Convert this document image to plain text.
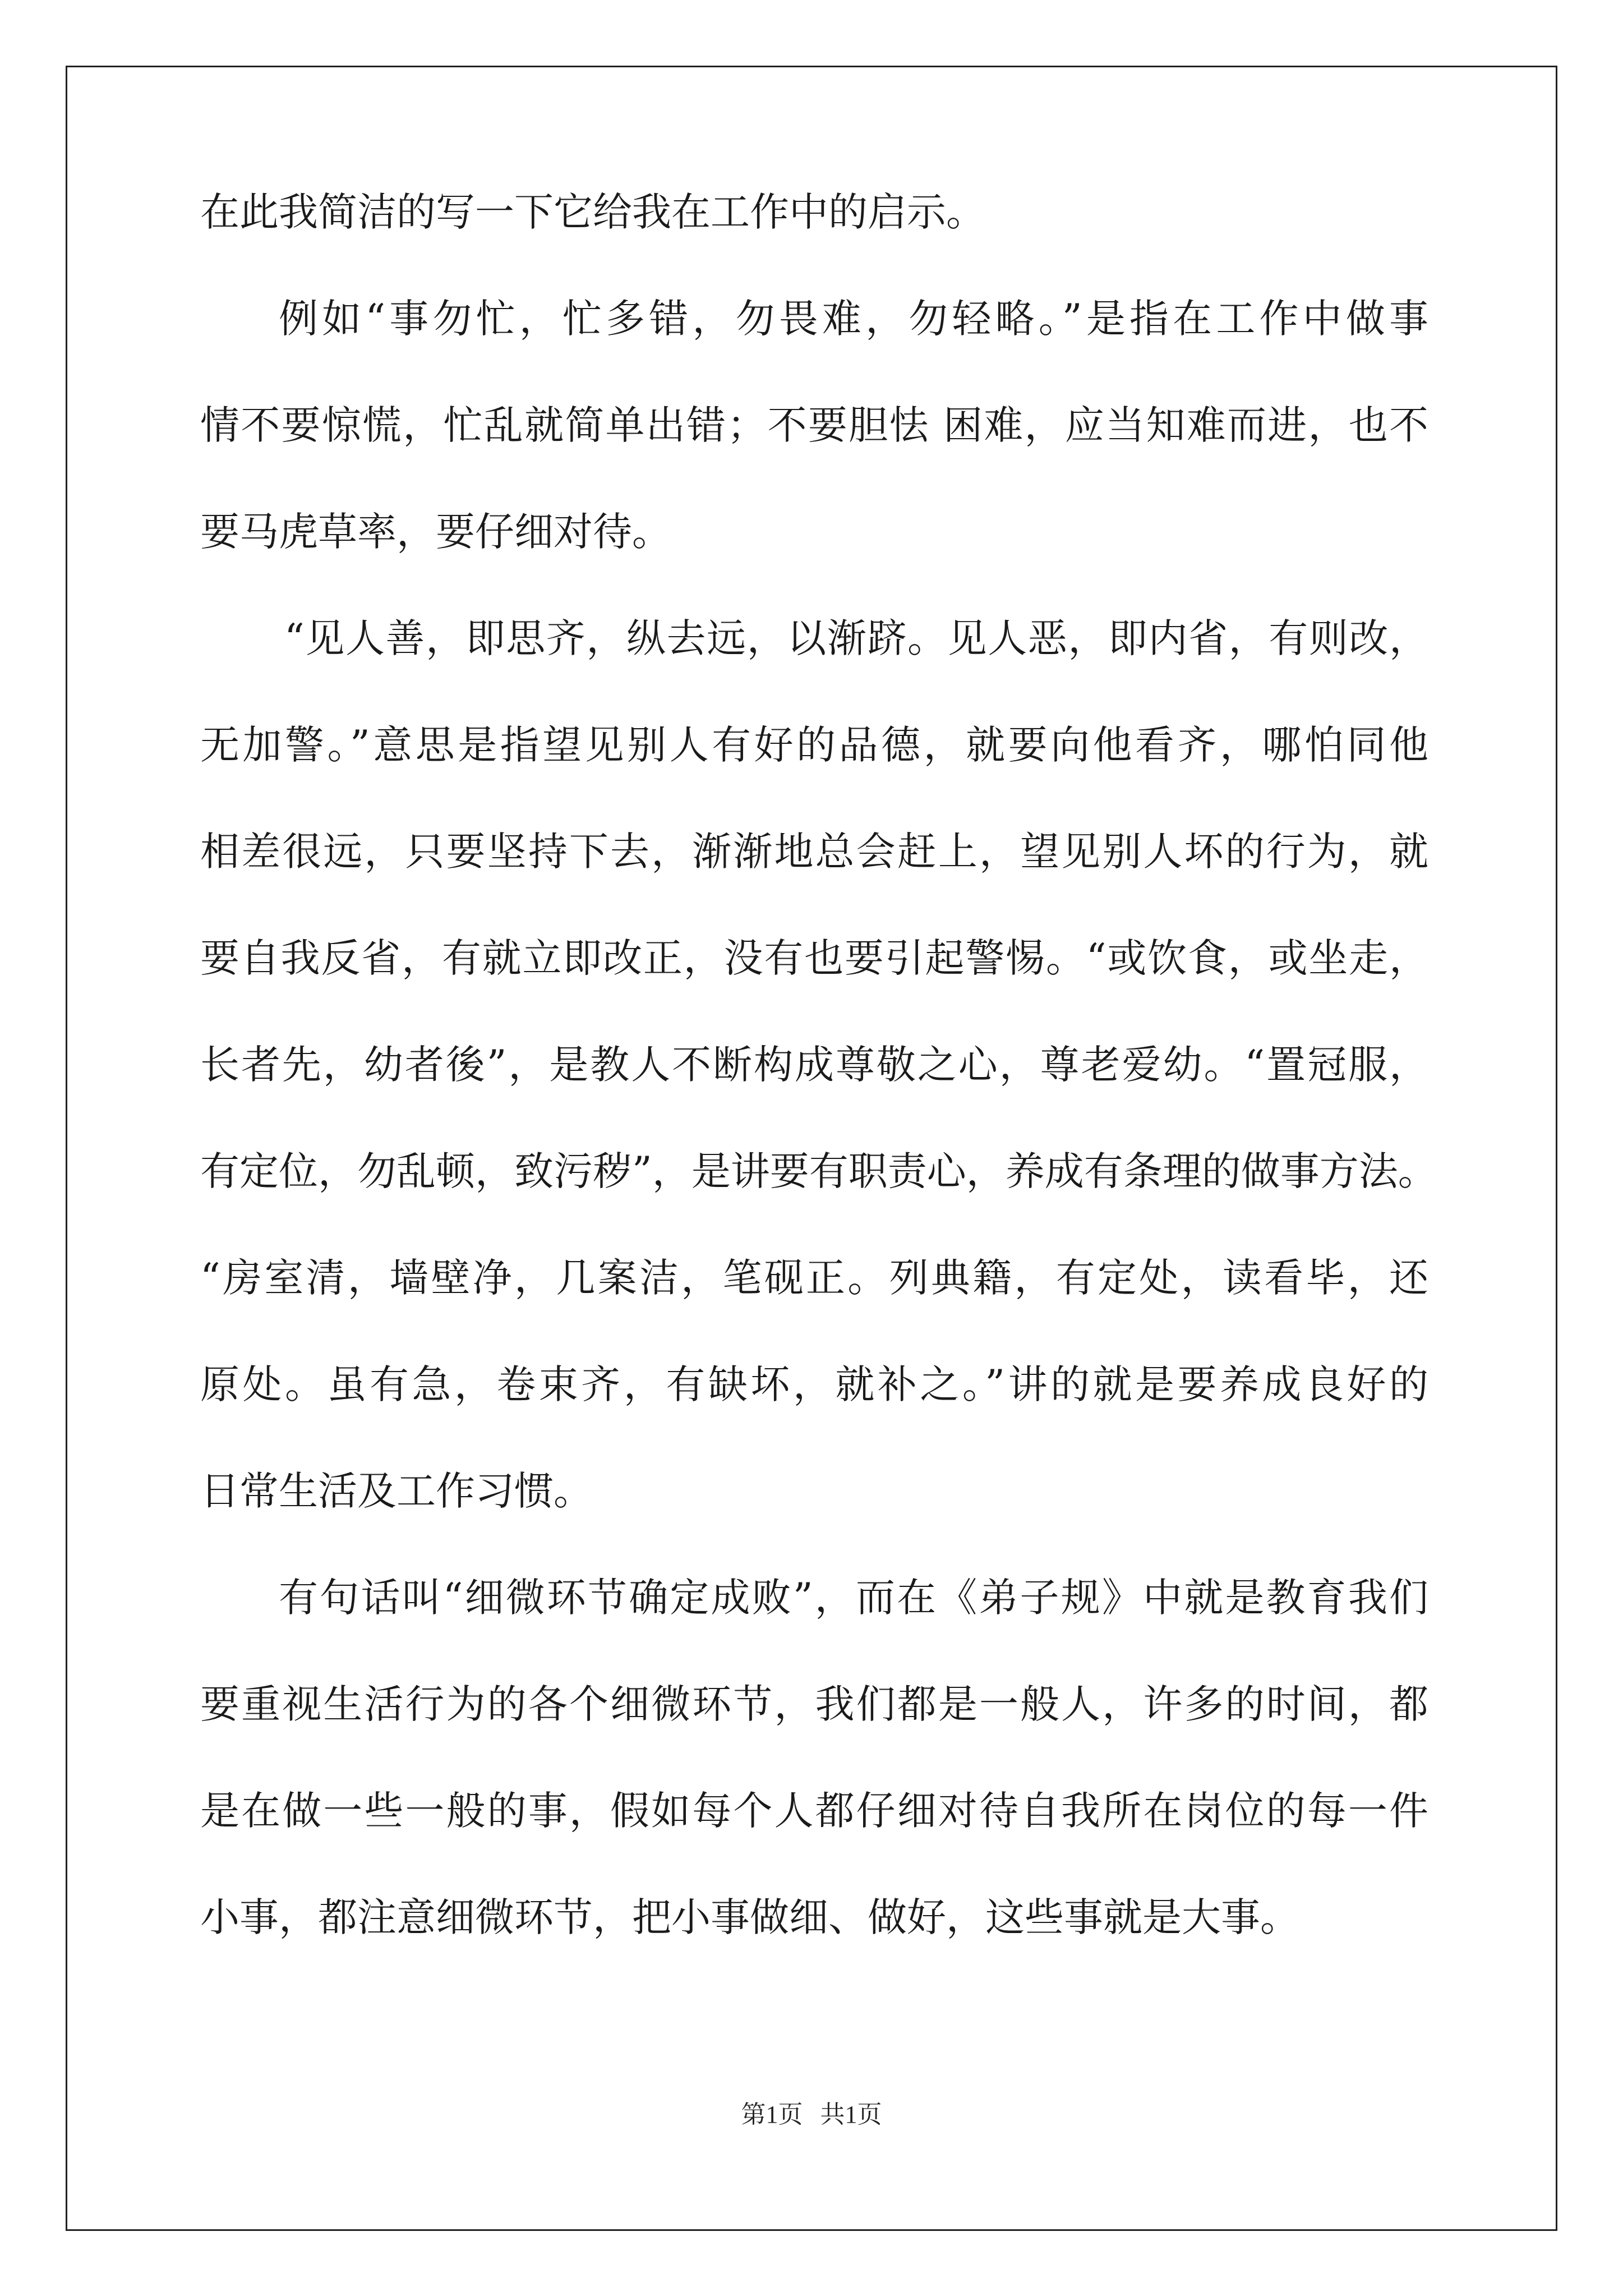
在此我简洁的写一下它给我在工作中的启示。
例如“事勿忙，忙多错，勿畏难，勿轻略。”是指在工作中做事
情不要惊慌，忙乱就简单出错；不要胆怯 困难，应当知难而进，也不
要马虎草率，要仔细对待。
“见人善，即思齐，纵去远，以渐跻。见人恶，即内省，有则改，
无加警。”意思是指望见别人有好的品德，就要向他看齐，哪怕同他
相差很远，只要坚持下去，渐渐地总会赶上，望见别人坏的行为，就
要自我反省，有就立即改正，没有也要引起警惕。“或饮食，或坐走，
长者先，幼者後”，是教人不断构成尊敬之心，尊老爱幼。“置冠服，
有定位，勿乱顿，致污秽”，是讲要有职责心，养成有条理的做事方法。
“房室清，墙壁净，几案洁，笔砚正。列典籍，有定处，读看毕，还
原处。虽有急，卷束齐，有缺坏，就补之。”讲的就是要养成良好的
日常生活及工作习惯。
有句话叫“细微环节确定成败”，而在《弟子规》中就是教育我们
要重视生活行为的各个细微环节，我们都是一般人，许多的时间，都
是在做一些一般的事，假如每个人都仔细对待自我所在岗位的每一件
小事，都注意细微环节，把小事做细、做好，这些事就是大事。
第1页 共1页
